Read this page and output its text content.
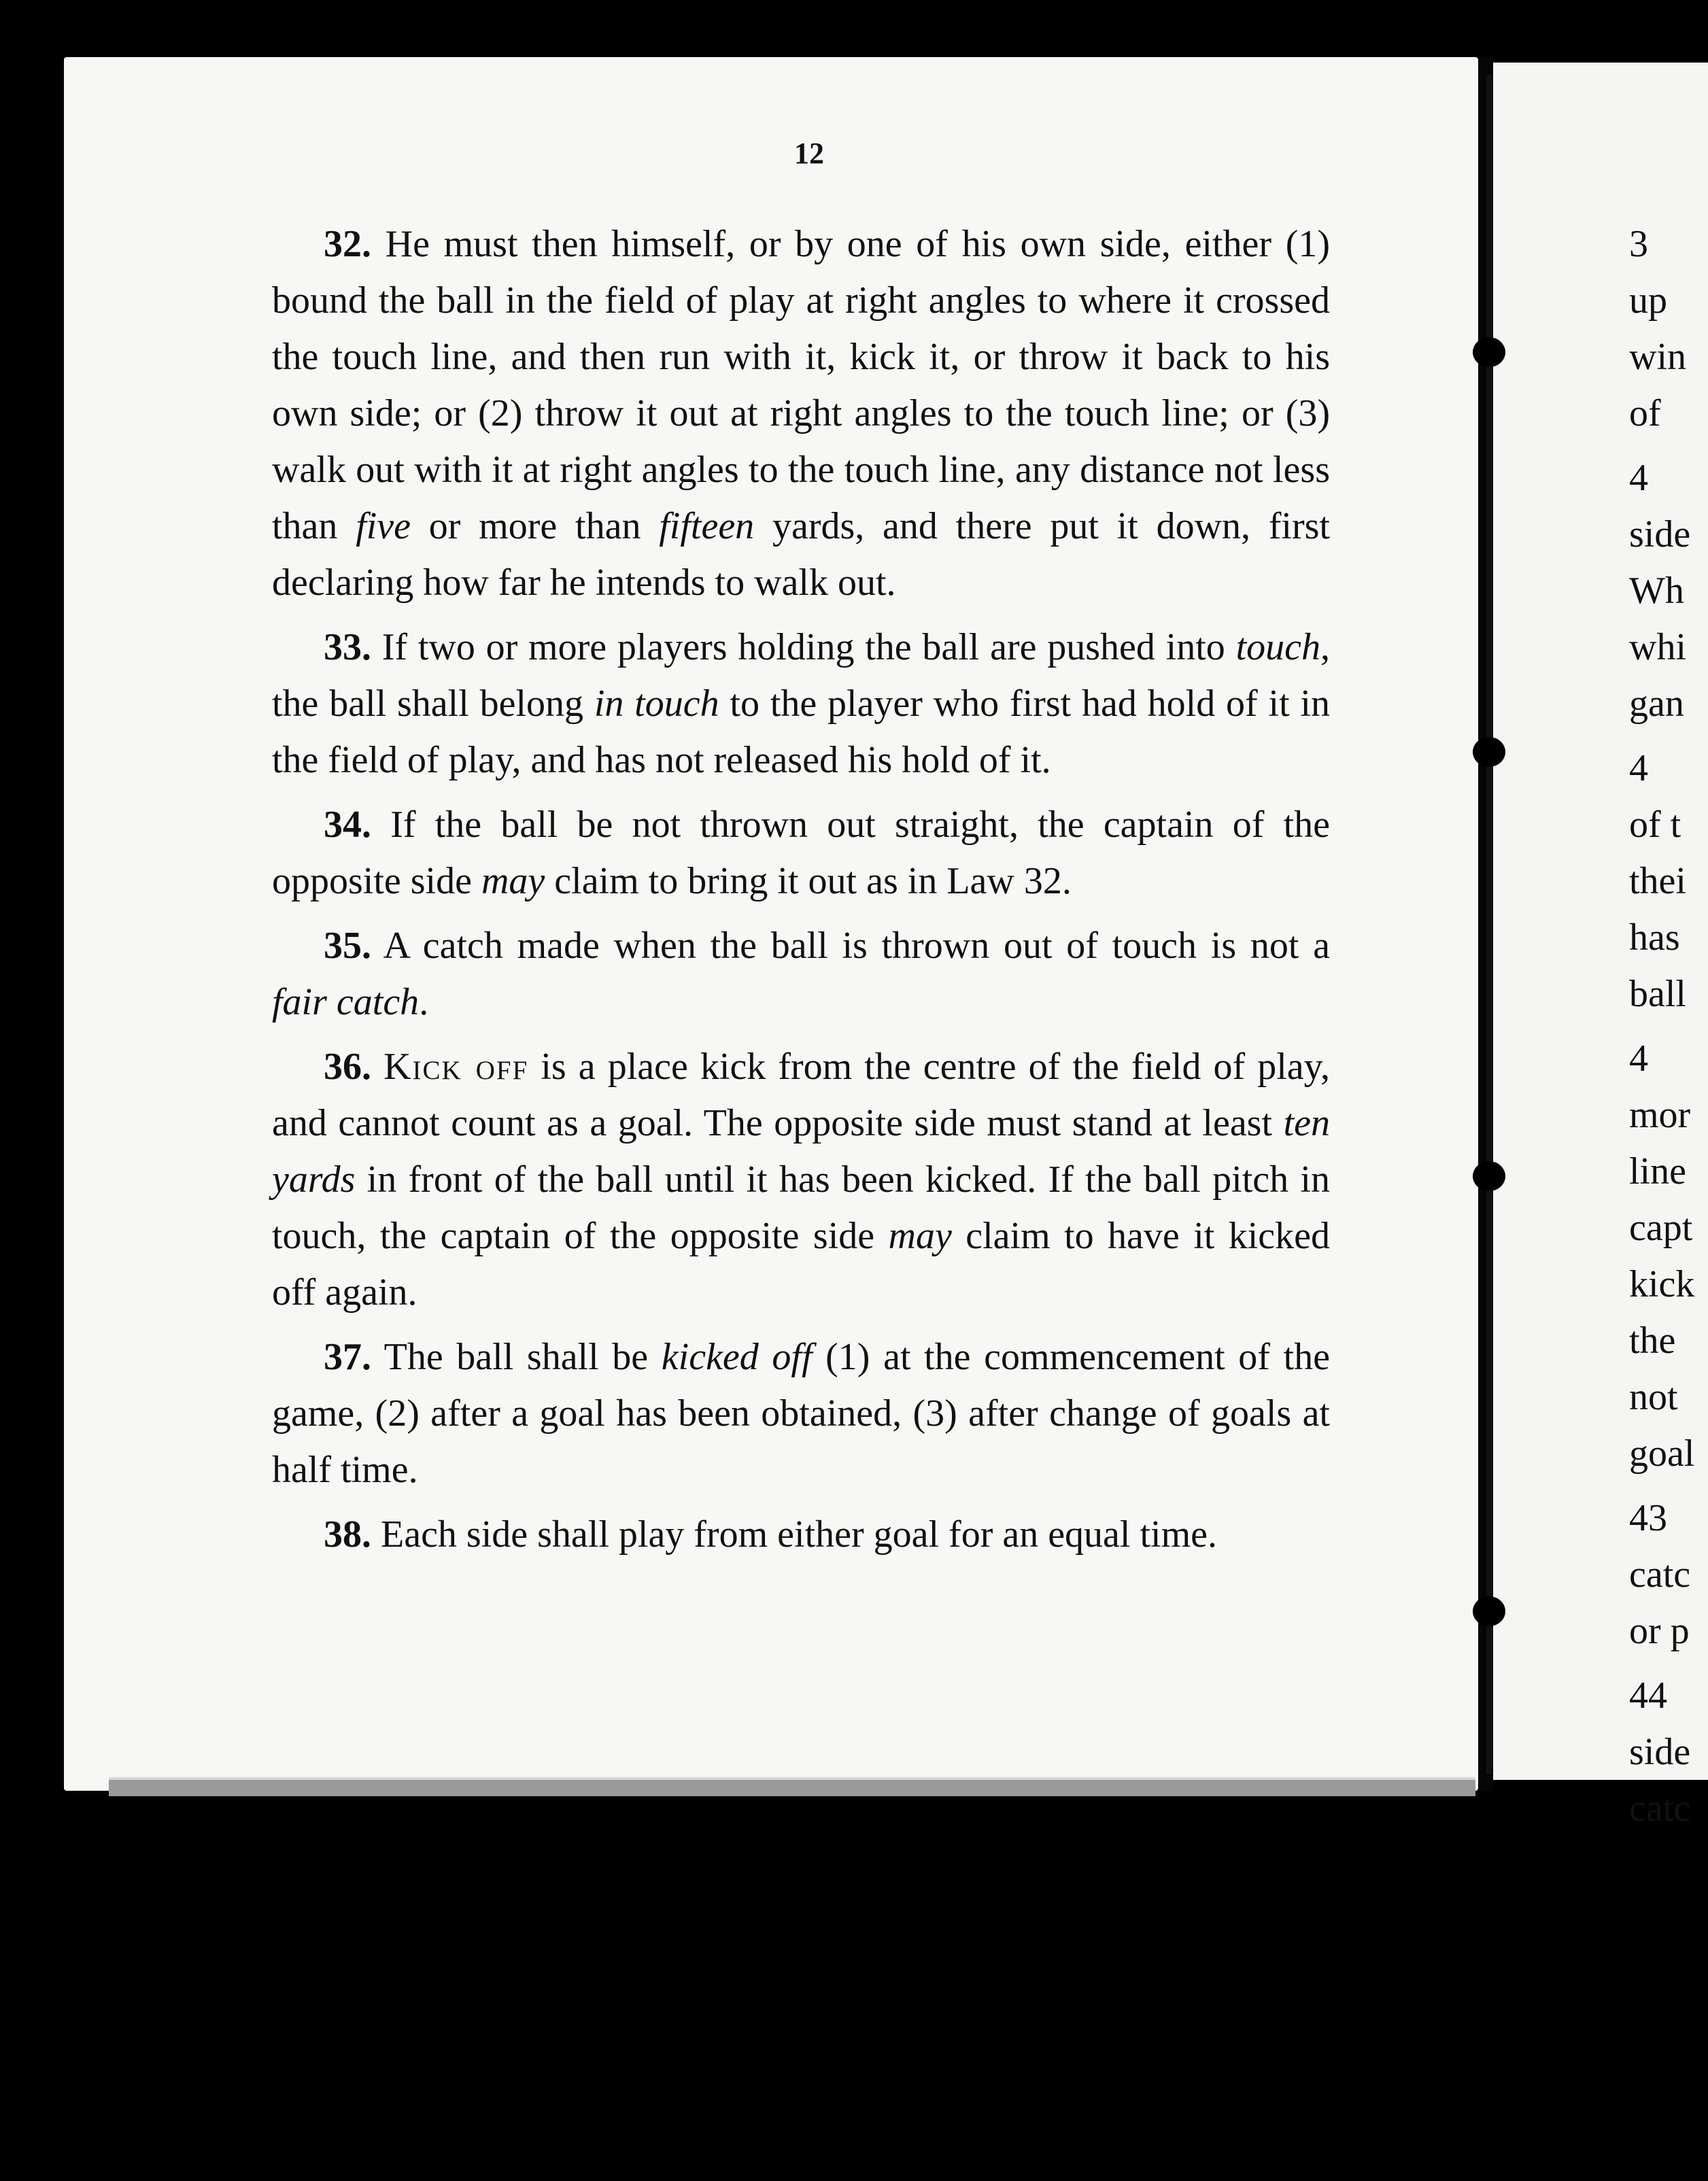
12

32. He must then himself, or by one of his own side, either (1) bound the ball in the field of play at right angles to where it crossed the touch line, and then run with it, kick it, or throw it back to his own side; or (2) throw it out at right angles to the touch line; or (3) walk out with it at right angles to the touch line, any distance not less than five or more than fifteen yards, and there put it down, first declaring how far he intends to walk out.

33. If two or more players holding the ball are pushed into touch, the ball shall belong in touch to the player who first had hold of it in the field of play, and has not released his hold of it.

34. If the ball be not thrown out straight, the captain of the opposite side may claim to bring it out as in Law 32.

35. A catch made when the ball is thrown out of touch is not a fair catch.

36. Kick off is a place kick from the centre of the field of play, and cannot count as a goal. The opposite side must stand at least ten yards in front of the ball until it has been kicked. If the ball pitch in touch, the captain of the opposite side may claim to have it kicked off again.

37. The ball shall be kicked off (1) at the commencement of the game, (2) after a goal has been obtained, (3) after change of goals at half time.

38. Each side shall play from either goal for an equal time.

3
up
win
of
4
side
Wh
whi
gan
4
of t
thei
has
ball
4
mor
line
capt
kick
the
not
goal
43
catc
or p
44
side
catc
